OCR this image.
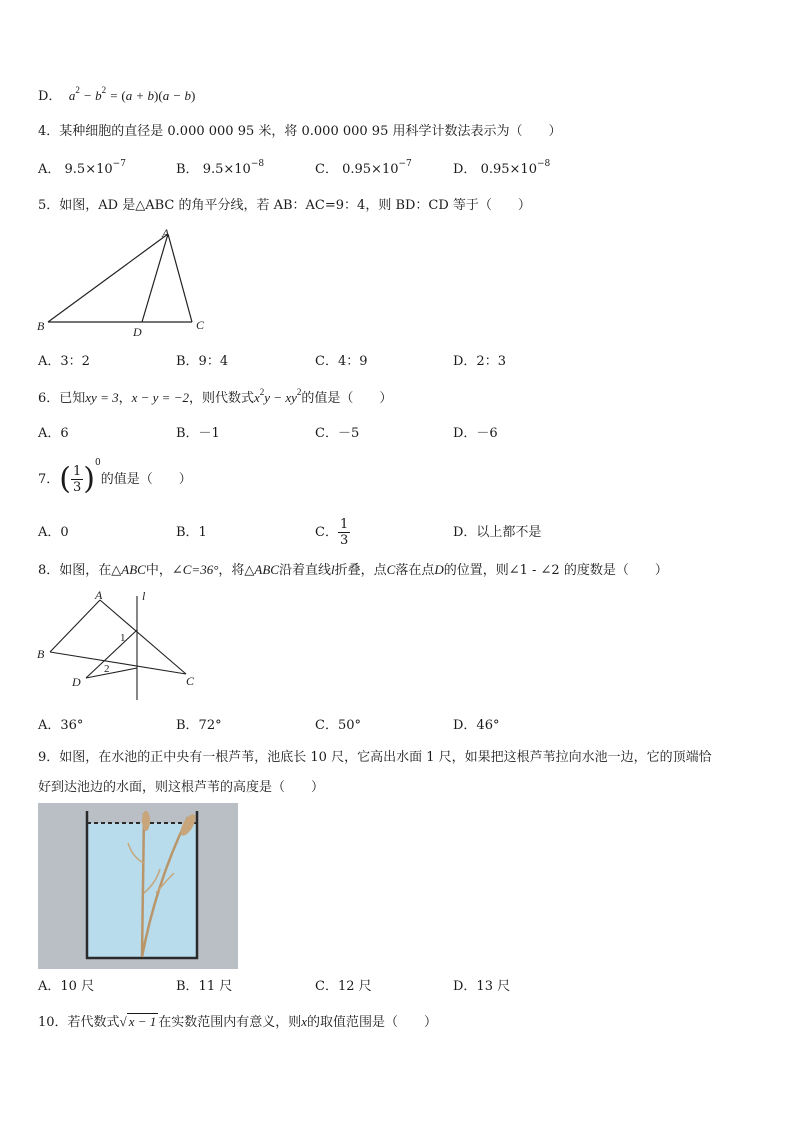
D． $a^2 - b^2 = (a + b)(a - b)$
4．某种细胞的直径是 0.000 000 95 米，将 0.000 000 95 用科学计数法表示为（　　）
A． $9.5\times 10^{-7}$	B． $9.5\times 10^{-8}$	C． $0.95\times 10^{-7}$	D． $0.95\times 10^{-8}$
5．如图，AD 是△ABC 的角平分线，若 AB：AC=9：4，则 BD：CD 等于（　　）
A
B	C
D
A．3：2	B．9：4	C．4：9	D．2：3
6．已知xy = 3，x − y = −2，则代数式$x^2y - xy^2$的值是（　　）
A．6	B．－1	C．－5	D．－6
7．( $\frac{1}{3} )^0$的值是（　　）
A．0	B．1	C． $\frac{1}{3}$	D．以上都不是
8．如图，在△ABC中，∠C=36°，将△ABC沿着直线l折叠，点C落在点D的位置，则∠1 - ∠2 的度数是（　　）
A
B
C
D
l
1
2
A．36°	B．72°	C．50°	D．46°
9．如图，在水池的正中央有一根芦苇，池底长 10 尺，它高出水面 1 尺，如果把这根芦苇拉向水池一边，它的顶端恰
好到达池边的水面，则这根芦苇的高度是（　　）
A．10 尺	B．11 尺	C．12 尺	D．13 尺
10．若代数式√ x − 1 在实数范围内有意义，则x的取值范围是（　　）
